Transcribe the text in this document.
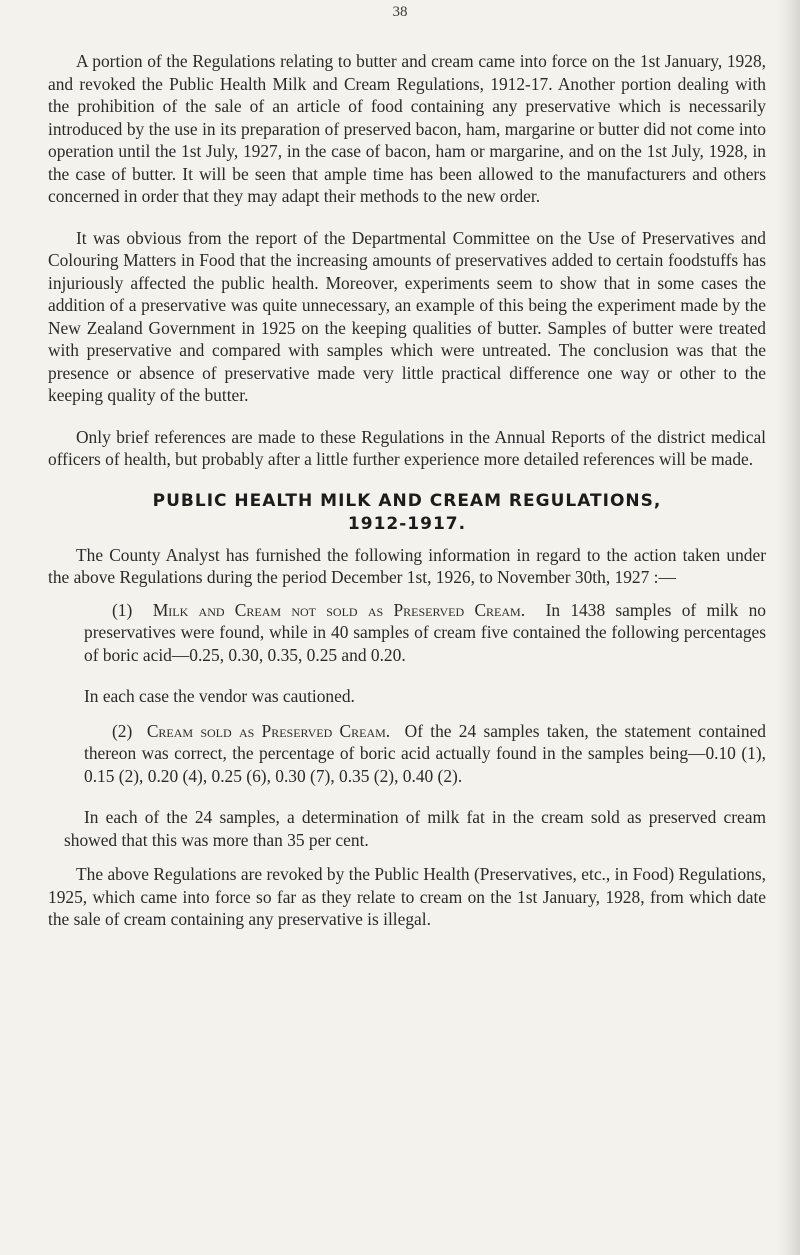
38

A portion of the Regulations relating to butter and cream came into force on the 1st January, 1928, and revoked the Public Health Milk and Cream Regulations, 1912-17. Another portion dealing with the prohibition of the sale of an article of food containing any preservative which is necessarily introduced by the use in its preparation of preserved bacon, ham, margarine or butter did not come into operation until the 1st July, 1927, in the case of bacon, ham or margarine, and on the 1st July, 1928, in the case of butter. It will be seen that ample time has been allowed to the manufacturers and others concerned in order that they may adapt their methods to the new order.

It was obvious from the report of the Departmental Committee on the Use of Preservatives and Colouring Matters in Food that the increasing amounts of preservatives added to certain foodstuffs has injuriously affected the public health. Moreover, experiments seem to show that in some cases the addition of a preservative was quite unnecessary, an example of this being the experiment made by the New Zealand Government in 1925 on the keeping qualities of butter. Samples of butter were treated with preservative and compared with samples which were untreated. The conclusion was that the presence or absence of preservative made very little practical difference one way or other to the keeping quality of the butter.

Only brief references are made to these Regulations in the Annual Reports of the district medical officers of health, but probably after a little further experience more detailed references will be made.

PUBLIC HEALTH MILK AND CREAM REGULATIONS,
1912-1917.

The County Analyst has furnished the following information in regard to the action taken under the above Regulations during the period December 1st, 1926, to November 30th, 1927 :—

(1) Milk and Cream not sold as Preserved Cream. In 1438 samples of milk no preservatives were found, while in 40 samples of cream five contained the following percentages of boric acid—0.25, 0.30, 0.35, 0.25 and 0.20.

In each case the vendor was cautioned.

(2) Cream sold as Preserved Cream. Of the 24 samples taken, the statement contained thereon was correct, the percentage of boric acid actually found in the samples being—0.10 (1), 0.15 (2), 0.20 (4), 0.25 (6), 0.30 (7), 0.35 (2), 0.40 (2).

In each of the 24 samples, a determination of milk fat in the cream sold as preserved cream showed that this was more than 35 per cent.

The above Regulations are revoked by the Public Health (Preservatives, etc., in Food) Regulations, 1925, which came into force so far as they relate to cream on the 1st January, 1928, from which date the sale of cream containing any preservative is illegal.
